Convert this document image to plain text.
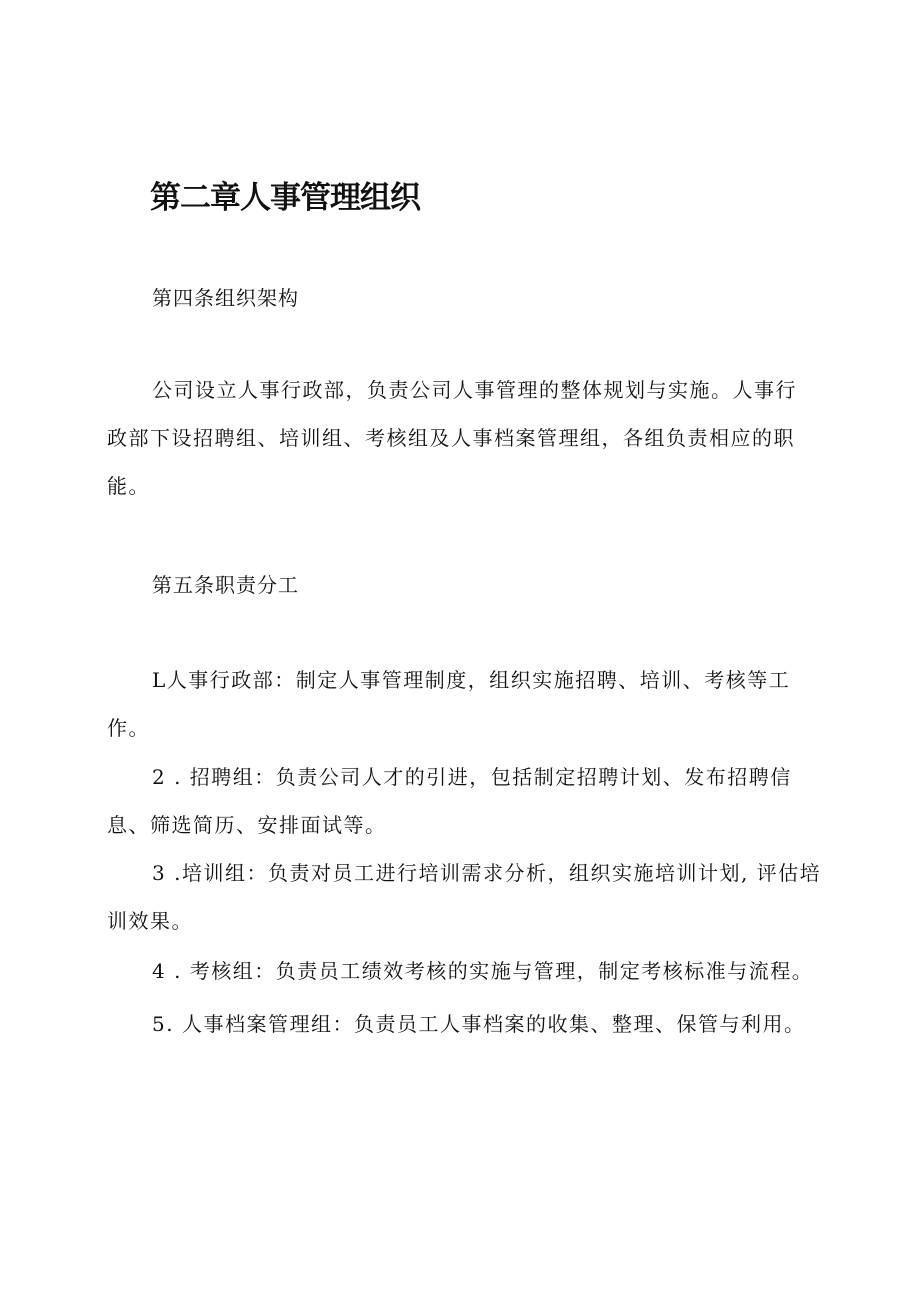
第二章人事管理组织
第四条组织架构
公司设立人事行政部，负责公司人事管理的整体规划与实施。人事行
政部下设招聘组、培训组、考核组及人事档案管理组，各组负责相应的职
能。
第五条职责分工
L人事行政部：制定人事管理制度，组织实施招聘、培训、考核等工
作。
2 . 招聘组：负责公司人才的引进，包括制定招聘计划、发布招聘信
息、筛选简历、安排面试等。
3 .培训组：负责对员工进行培训需求分析，组织实施培训计划, 评估培
训效果。
4 . 考核组：负责员工绩效考核的实施与管理，制定考核标准与流程。
5. 人事档案管理组：负责员工人事档案的收集、整理、保管与利用。
